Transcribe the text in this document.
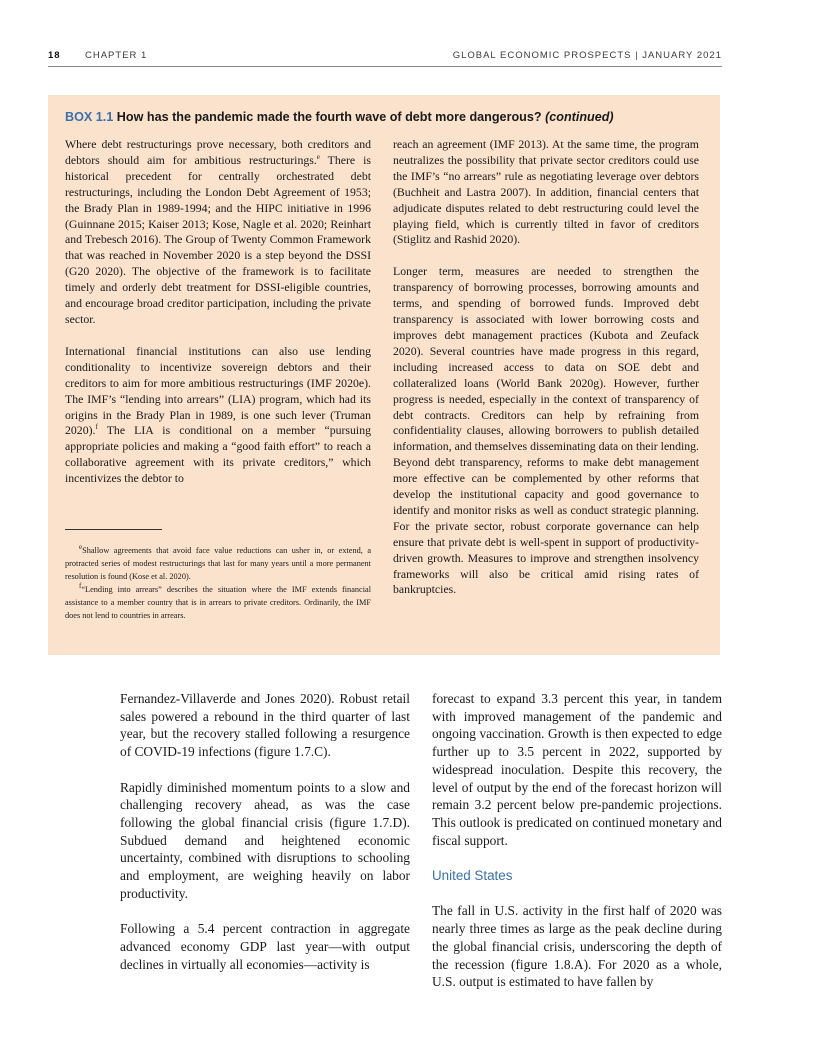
18	CHAPTER 1	GLOBAL ECONOMIC PROSPECTS | JANUARY 2021
BOX 1.1 How has the pandemic made the fourth wave of debt more dangerous? (continued)

Where debt restructurings prove necessary, both creditors and debtors should aim for ambitious restructurings.$^e$ There is historical precedent for centrally orchestrated debt restructurings, including the London Debt Agreement of 1953; the Brady Plan in 1989-1994; and the HIPC initiative in 1996 (Guinnane 2015; Kaiser 2013; Kose, Nagle et al. 2020; Reinhart and Trebesch 2016). The Group of Twenty Common Framework that was reached in November 2020 is a step beyond the DSSI (G20 2020). The objective of the framework is to facilitate timely and orderly debt treatment for DSSI-eligible countries, and encourage broad creditor participation, including the private sector.

International financial institutions can also use lending conditionality to incentivize sovereign debtors and their creditors to aim for more ambitious restructurings (IMF 2020e). The IMF’s “lending into arrears” (LIA) program, which had its origins in the Brady Plan in 1989, is one such lever (Truman 2020).$^f$ The LIA is conditional on a member “pursuing appropriate policies and making a “good faith effort” to reach a collaborative agreement with its private creditors,” which incentivizes the debtor to

$^e$Shallow agreements that avoid face value reductions can usher in, or extend, a protracted series of modest restructurings that last for many years until a more permanent resolution is found (Kose et al. 2020).

$^f$“Lending into arrears” describes the situation where the IMF extends financial assistance to a member country that is in arrears to private creditors. Ordinarily, the IMF does not lend to countries in arrears.

reach an agreement (IMF 2013). At the same time, the program neutralizes the possibility that private sector creditors could use the IMF’s “no arrears” rule as negotiating leverage over debtors (Buchheit and Lastra 2007). In addition, financial centers that adjudicate disputes related to debt restructuring could level the playing field, which is currently tilted in favor of creditors (Stiglitz and Rashid 2020).

Longer term, measures are needed to strengthen the transparency of borrowing processes, borrowing amounts and terms, and spending of borrowed funds. Improved debt transparency is associated with lower borrowing costs and improves debt management practices (Kubota and Zeufack 2020). Several countries have made progress in this regard, including increased access to data on SOE debt and collateralized loans (World Bank 2020g). However, further progress is needed, especially in the context of transparency of debt contracts. Creditors can help by refraining from confidentiality clauses, allowing borrowers to publish detailed information, and themselves disseminating data on their lending. Beyond debt transparency, reforms to make debt management more effective can be complemented by other reforms that develop the institutional capacity and good governance to identify and monitor risks as well as conduct strategic planning. For the private sector, robust corporate governance can help ensure that private debt is well-spent in support of productivity-driven growth. Measures to improve and strengthen insolvency frameworks will also be critical amid rising rates of bankruptcies.

Fernandez-Villaverde and Jones 2020). Robust retail sales powered a rebound in the third quarter of last year, but the recovery stalled following a resurgence of COVID-19 infections (figure 1.7.C).

Rapidly diminished momentum points to a slow and challenging recovery ahead, as was the case following the global financial crisis (figure 1.7.D). Subdued demand and heightened economic uncertainty, combined with disruptions to schooling and employment, are weighing heavily on labor productivity.

Following a 5.4 percent contraction in aggregate advanced economy GDP last year—with output declines in virtually all economies—activity is

forecast to expand 3.3 percent this year, in tandem with improved management of the pandemic and ongoing vaccination. Growth is then expected to edge further up to 3.5 percent in 2022, supported by widespread inoculation. Despite this recovery, the level of output by the end of the forecast horizon will remain 3.2 percent below pre-pandemic projections. This outlook is predicated on continued monetary and fiscal support.

United States

The fall in U.S. activity in the first half of 2020 was nearly three times as large as the peak decline during the global financial crisis, underscoring the depth of the recession (figure 1.8.A). For 2020 as a whole, U.S. output is estimated to have fallen by
